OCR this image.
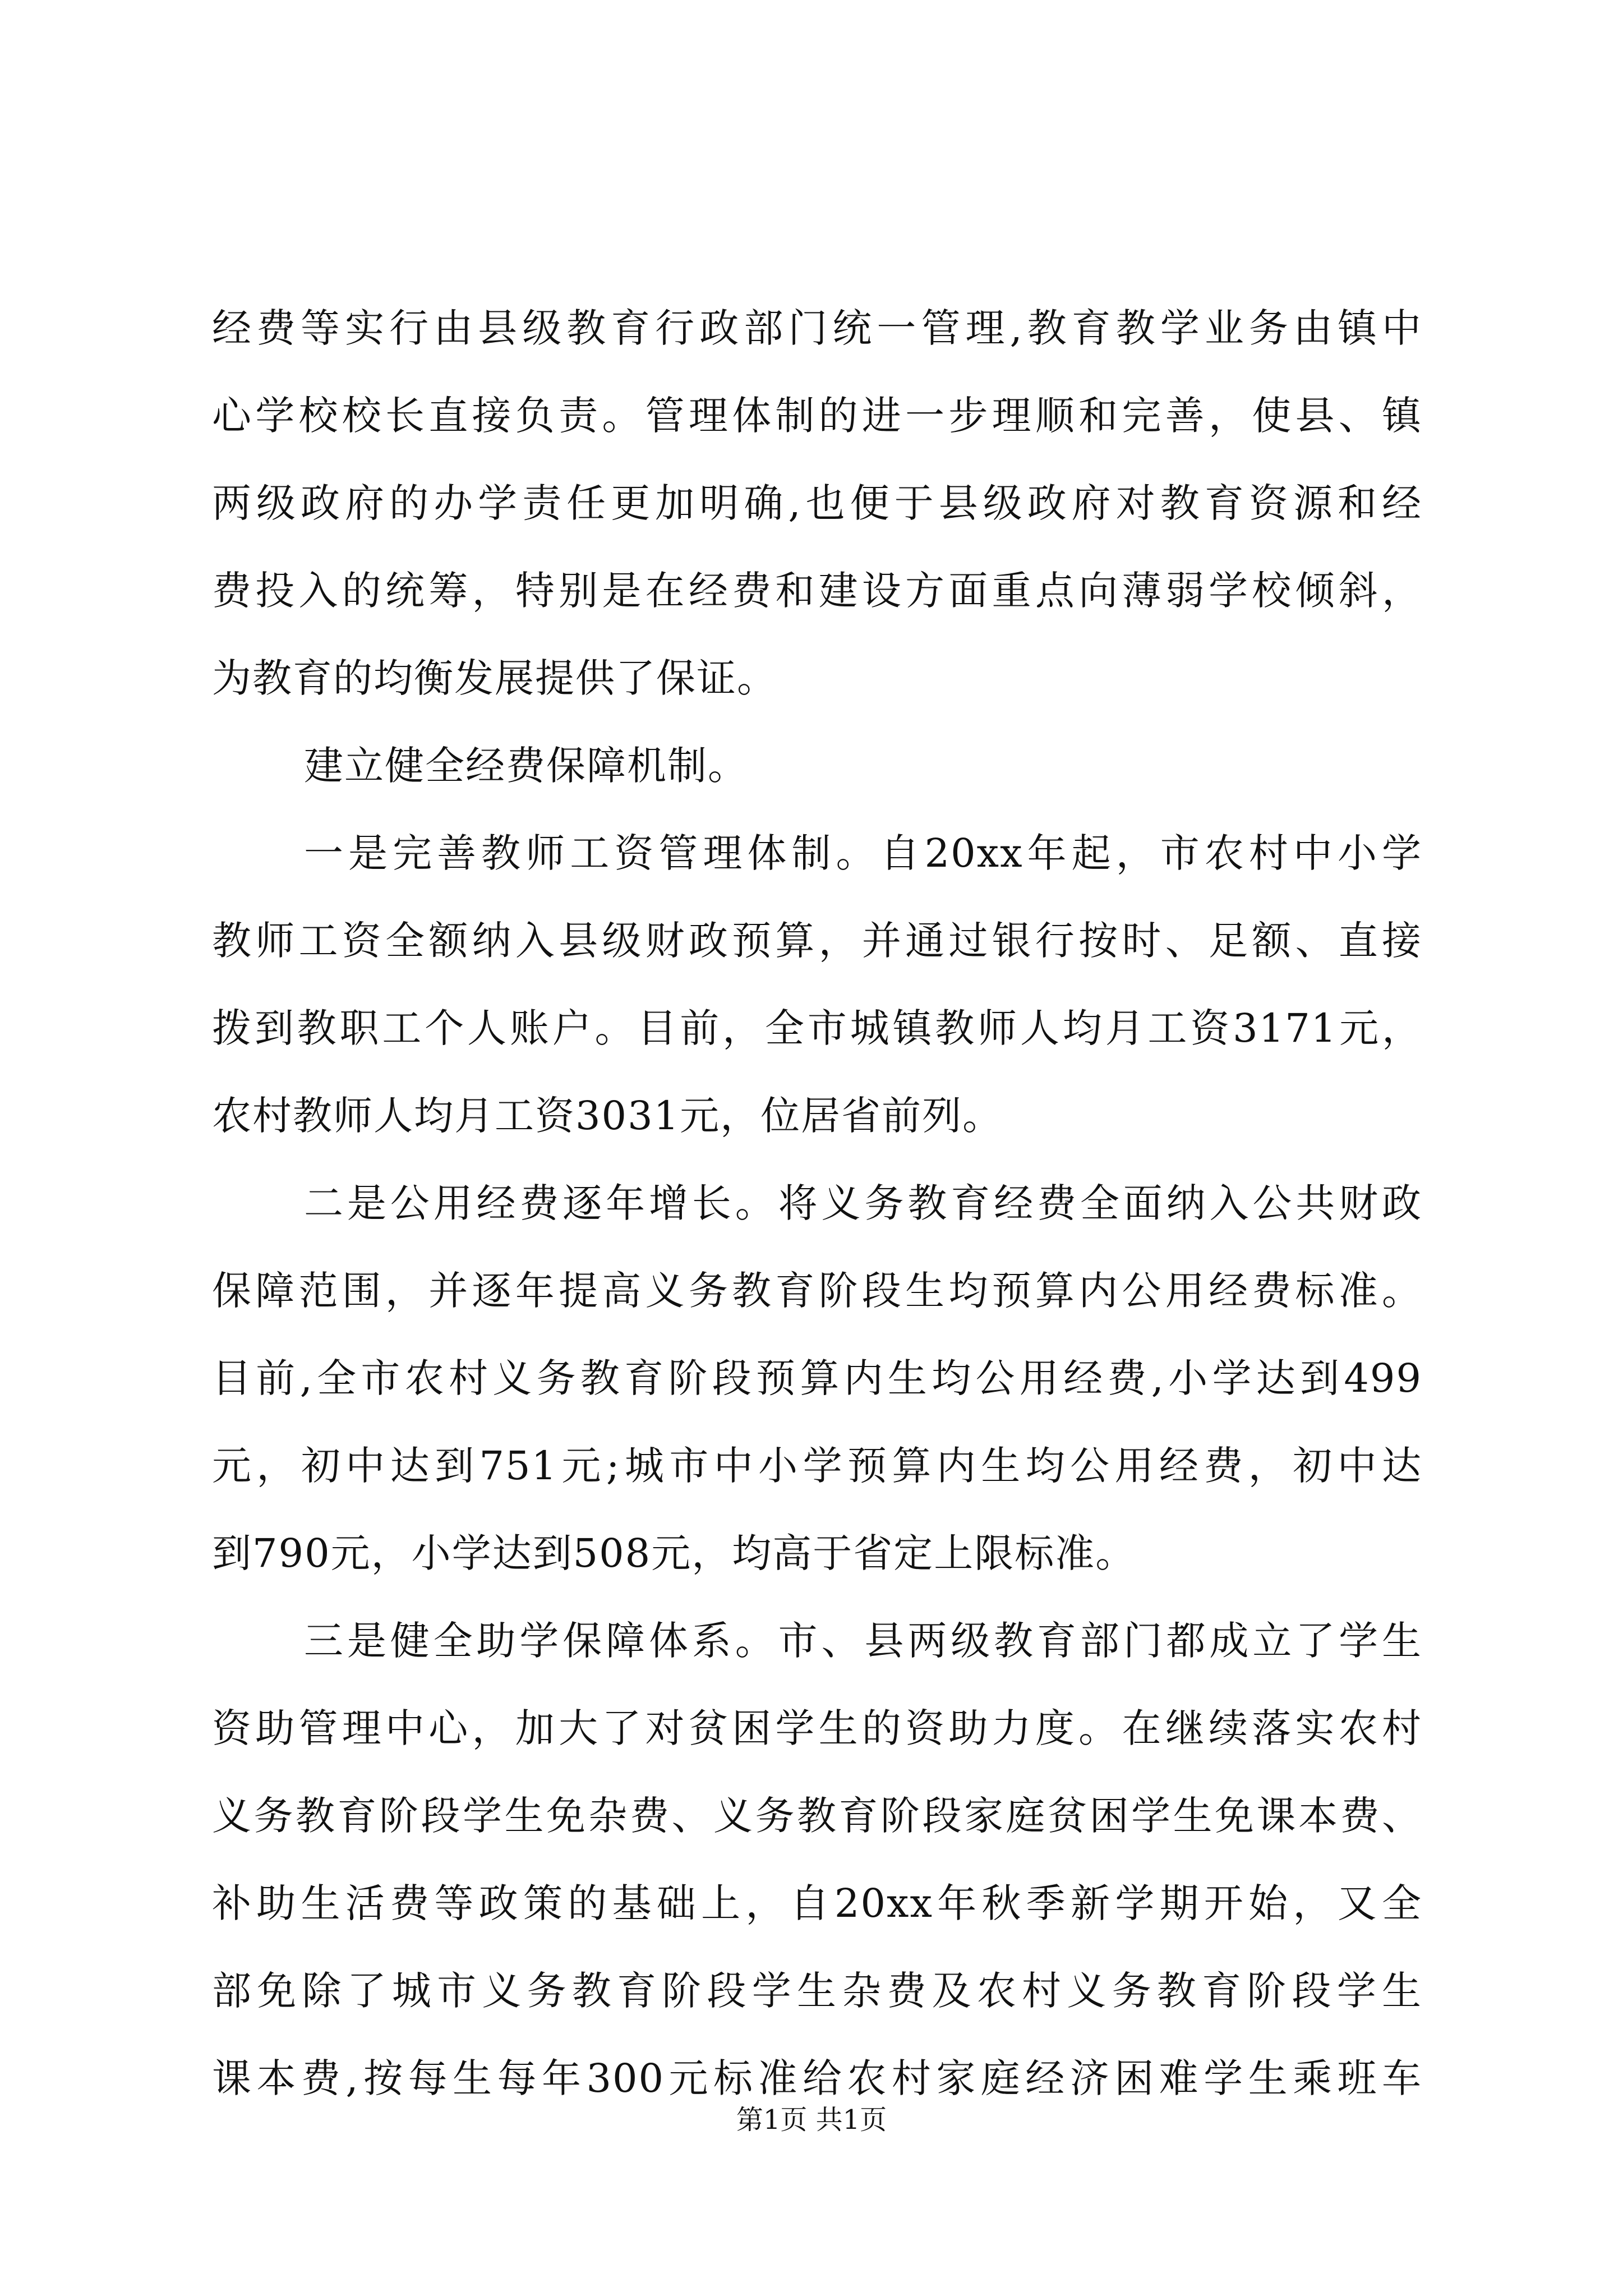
经费等实行由县级教育行政部门统一管理,教育教学业务由镇中
心学校校长直接负责。管理体制的进一步理顺和完善，使县、镇
两级政府的办学责任更加明确,也便于县级政府对教育资源和经
费投入的统筹，特别是在经费和建设方面重点向薄弱学校倾斜，
为教育的均衡发展提供了保证。
建立健全经费保障机制。
一是完善教师工资管理体制。自20xx年起，市农村中小学
教师工资全额纳入县级财政预算，并通过银行按时、足额、直接
拨到教职工个人账户。目前，全市城镇教师人均月工资3171元，
农村教师人均月工资3031元，位居省前列。
二是公用经费逐年增长。将义务教育经费全面纳入公共财政
保障范围，并逐年提高义务教育阶段生均预算内公用经费标准。
目前,全市农村义务教育阶段预算内生均公用经费,小学达到499
元，初中达到751元;城市中小学预算内生均公用经费，初中达
到790元，小学达到508元，均高于省定上限标准。
三是健全助学保障体系。市、县两级教育部门都成立了学生
资助管理中心，加大了对贫困学生的资助力度。在继续落实农村
义务教育阶段学生免杂费、义务教育阶段家庭贫困学生免课本费、
补助生活费等政策的基础上，自20xx年秋季新学期开始，又全
部免除了城市义务教育阶段学生杂费及农村义务教育阶段学生
课本费,按每生每年300元标准给农村家庭经济困难学生乘班车
第1页 共1页
